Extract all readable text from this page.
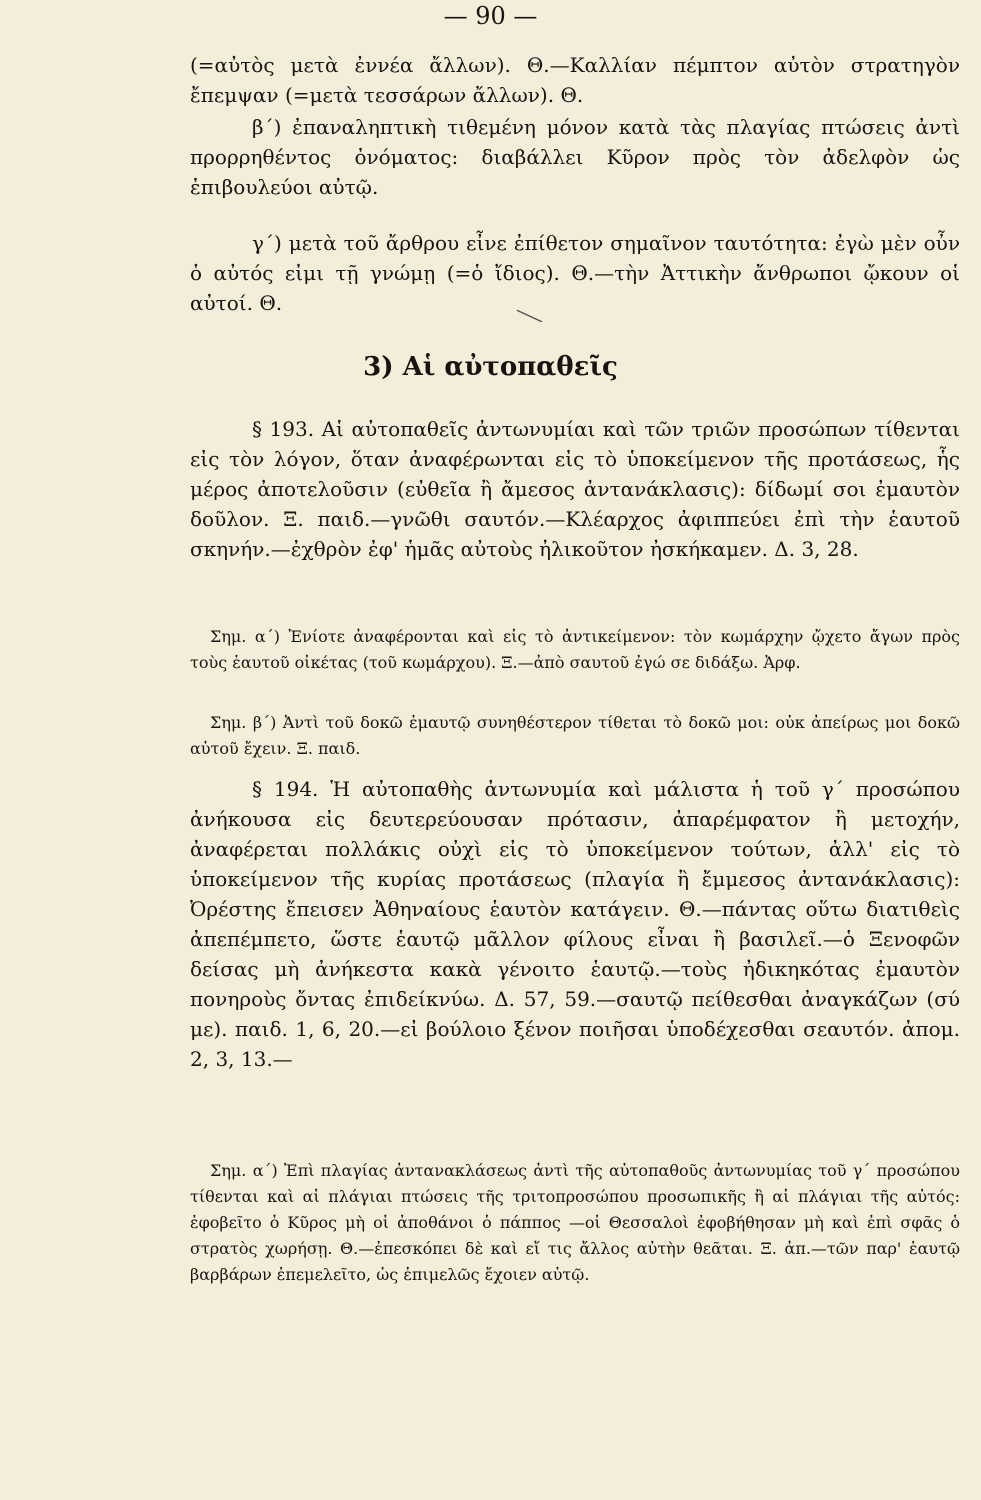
— 90 —
(=αὐτὸς μετὰ ἐννέα ἄλλων). Θ.—Καλλίαν πέμπτον αὐτὸν στρατηγὸν ἔπεμψαν (=μετὰ τεσσάρων ἄλλων). Θ.
β΄) ἐπαναληπτικὴ τιθεμένη μόνον κατὰ τὰς πλαγίας πτώσεις ἀντὶ προρρηθέντος ὀνόματος: διαβάλλει Κῦρον πρὸς τὸν ἀδελφὸν ὡς ἐπιβουλεύοι αὐτῷ.
γ΄) μετὰ τοῦ ἄρθρου εἶνε ἐπίθετον σημαῖνον ταυτότητα: ἐγὼ μὲν οὖν ὁ αὐτός εἰμι τῇ γνώμῃ (=ὁ ἴδιος). Θ.—τὴν Ἀττικὴν ἄνθρωποι ᾤκουν οἱ αὐτοί. Θ.	⟍
3) Αἱ αὐτοπαθεῖς
§ 193. Αἱ αὐτοπαθεῖς ἀντωνυμίαι καὶ τῶν τριῶν προσώπων τίθενται εἰς τὸν λόγον, ὅταν ἀναφέρωνται εἰς τὸ ὑποκείμενον τῆς προτάσεως, ἧς μέρος ἀποτελοῦσιν (εὐθεῖα ἢ ἄμεσος ἀντανάκλασις): δίδωμί σοι ἐμαυτὸν δοῦλον. Ξ. παιδ.—γνῶθι σαυτόν.—Κλέαρχος ἀφιππεύει ἐπὶ τὴν ἑαυτοῦ σκηνήν.—ἐχθρὸν ἐφ' ἡμᾶς αὐτοὺς ἠλικοῦτον ἠσκήκαμεν. Δ. 3, 28.
Σημ. α΄) Ἐνίοτε ἀναφέρονται καὶ εἰς τὸ ἀντικείμενον: τὸν κωμάρχην ᾤχετο ἄγων πρὸς τοὺς ἑαυτοῦ οἰκέτας (τοῦ κωμάρχου). Ξ.—ἀπὸ σαυτοῦ ἐγώ σε διδάξω. Ἀρφ.
Σημ. β΄) Ἀντὶ τοῦ δοκῶ ἐμαυτῷ συνηθέστερον τίθεται τὸ δοκῶ μοι: οὐκ ἀπείρως μοι δοκῶ αὐτοῦ ἔχειν. Ξ. παιδ.
§ 194. Ἡ αὐτοπαθὴς ἀντωνυμία καὶ μάλιστα ἡ τοῦ γ΄ προσώπου ἀνήκουσα εἰς δευτερεύουσαν πρότασιν, ἀπαρέμφατον ἢ μετοχήν, ἀναφέρεται πολλάκις οὐχὶ εἰς τὸ ὑποκείμενον τούτων, ἀλλ' εἰς τὸ ὑποκείμενον τῆς κυρίας προτάσεως (πλαγία ἢ ἔμμεσος ἀντανάκλασις): Ὀρέστης ἔπεισεν Ἀθηναίους ἑαυτὸν κατάγειν. Θ.—πάντας οὕτω διατιθεὶς ἀπεπέμπετο, ὥστε ἑαυτῷ μᾶλλον φίλους εἶναι ἢ βασιλεῖ.—ὁ Ξενοφῶν δείσας μὴ ἀνήκεστα κακὰ γένοιτο ἑαυτῷ.—τοὺς ἠδικηκότας ἐμαυτὸν πονηροὺς ὄντας ἐπιδείκνύω. Δ. 57, 59.—σαυτῷ πείθεσθαι ἀναγκάζων (σύ με). παιδ. 1, 6, 20.—εἰ βούλοιο ξένον ποιῆσαι ὑποδέχεσθαι σεαυτόν. ἀπομ. 2, 3, 13.—
Σημ. α΄) Ἐπὶ πλαγίας ἀντανακλάσεως ἀντὶ τῆς αὐτοπαθοῦς ἀντωνυμίας τοῦ γ΄ προσώπου τίθενται καὶ αἱ πλάγιαι πτώσεις τῆς τριτοπροσώπου προσωπικῆς ἢ αἱ πλάγιαι τῆς αὐτός: ἐφοβεῖτο ὁ Κῦρος μὴ οἱ ἀποθάνοι ὁ πάππος —οἱ Θεσσαλοὶ ἐφοβήθησαν μὴ καὶ ἐπὶ σφᾶς ὁ στρατὸς χωρήσῃ. Θ.—ἐπεσκόπει δὲ καὶ εἴ τις ἄλλος αὐτὴν θεᾶται. Ξ. ἀπ.—τῶν παρ' ἑαυτῷ βαρβάρων ἐπεμελεῖτο, ὡς ἐπιμελῶς ἔχοιεν αὐτῷ.
